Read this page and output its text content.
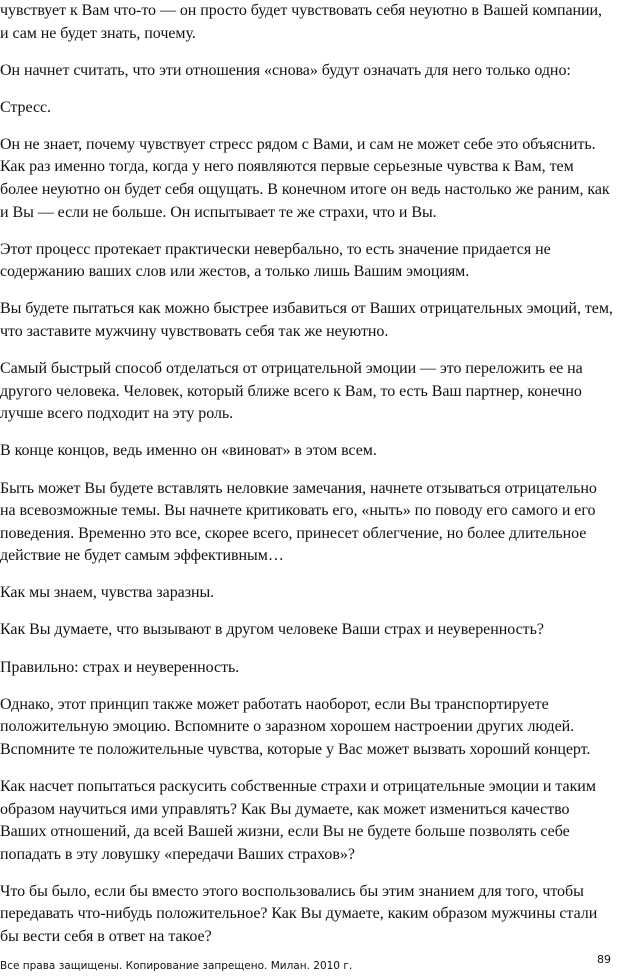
чувствует к Вам что-то — он просто будет чувствовать себя неуютно в Вашей компании, и сам не будет знать, почему.

Он начнет считать, что эти отношения «снова» будут означать для него только одно:

Стресс.

Он не знает, почему чувствует стресс рядом с Вами, и сам не может себе это объяснить. Как раз именно тогда, когда у него появляются первые серьезные чувства к Вам, тем более неуютно он будет себя ощущать. В конечном итоге он ведь настолько же раним, как и Вы — если не больше. Он испытывает те же страхи, что и Вы.

Этот процесс протекает практически невербально, то есть значение придается не содержанию ваших слов или жестов, а только лишь Вашим эмоциям.

Вы будете пытаться как можно быстрее избавиться от Ваших отрицательных эмоций, тем, что заставите мужчину чувствовать себя так же неуютно.

Самый быстрый способ отделаться от отрицательной эмоции — это переложить ее на другого человека. Человек, который ближе всего к Вам, то есть Ваш партнер, конечно лучше всего подходит на эту роль.

В конце концов, ведь именно он «виноват» в этом всем.

Быть может Вы будете вставлять неловкие замечания, начнете отзываться отрицательно на всевозможные темы. Вы начнете критиковать его, «ныть» по поводу его самого и его поведения. Временно это все, скорее всего, принесет облегчение, но более длительное действие не будет самым эффективным…

Как мы знаем, чувства заразны.

Как Вы думаете, что вызывают в другом человеке Ваши страх и неуверенность?

Правильно: страх и неуверенность.

Однако, этот принцип также может работать наоборот, если Вы транспортируете положительную эмоцию. Вспомните о заразном хорошем настроении других людей. Вспомните те положительные чувства, которые у Вас может вызвать хороший концерт.

Как насчет попытаться раскусить собственные страхи и отрицательные эмоции и таким образом научиться ими управлять? Как Вы думаете, как может измениться качество Ваших отношений, да всей Вашей жизни, если Вы не будете больше позволять себе попадать в эту ловушку «передачи Ваших страхов»?

Что бы было, если бы вместо этого воспользовались бы этим знанием для того, чтобы передавать что-нибудь положительное? Как Вы думаете, каким образом мужчины стали бы вести себя в ответ на такое?

Все права защищены. Копирование запрещено. Милан. 2010 г.	89
